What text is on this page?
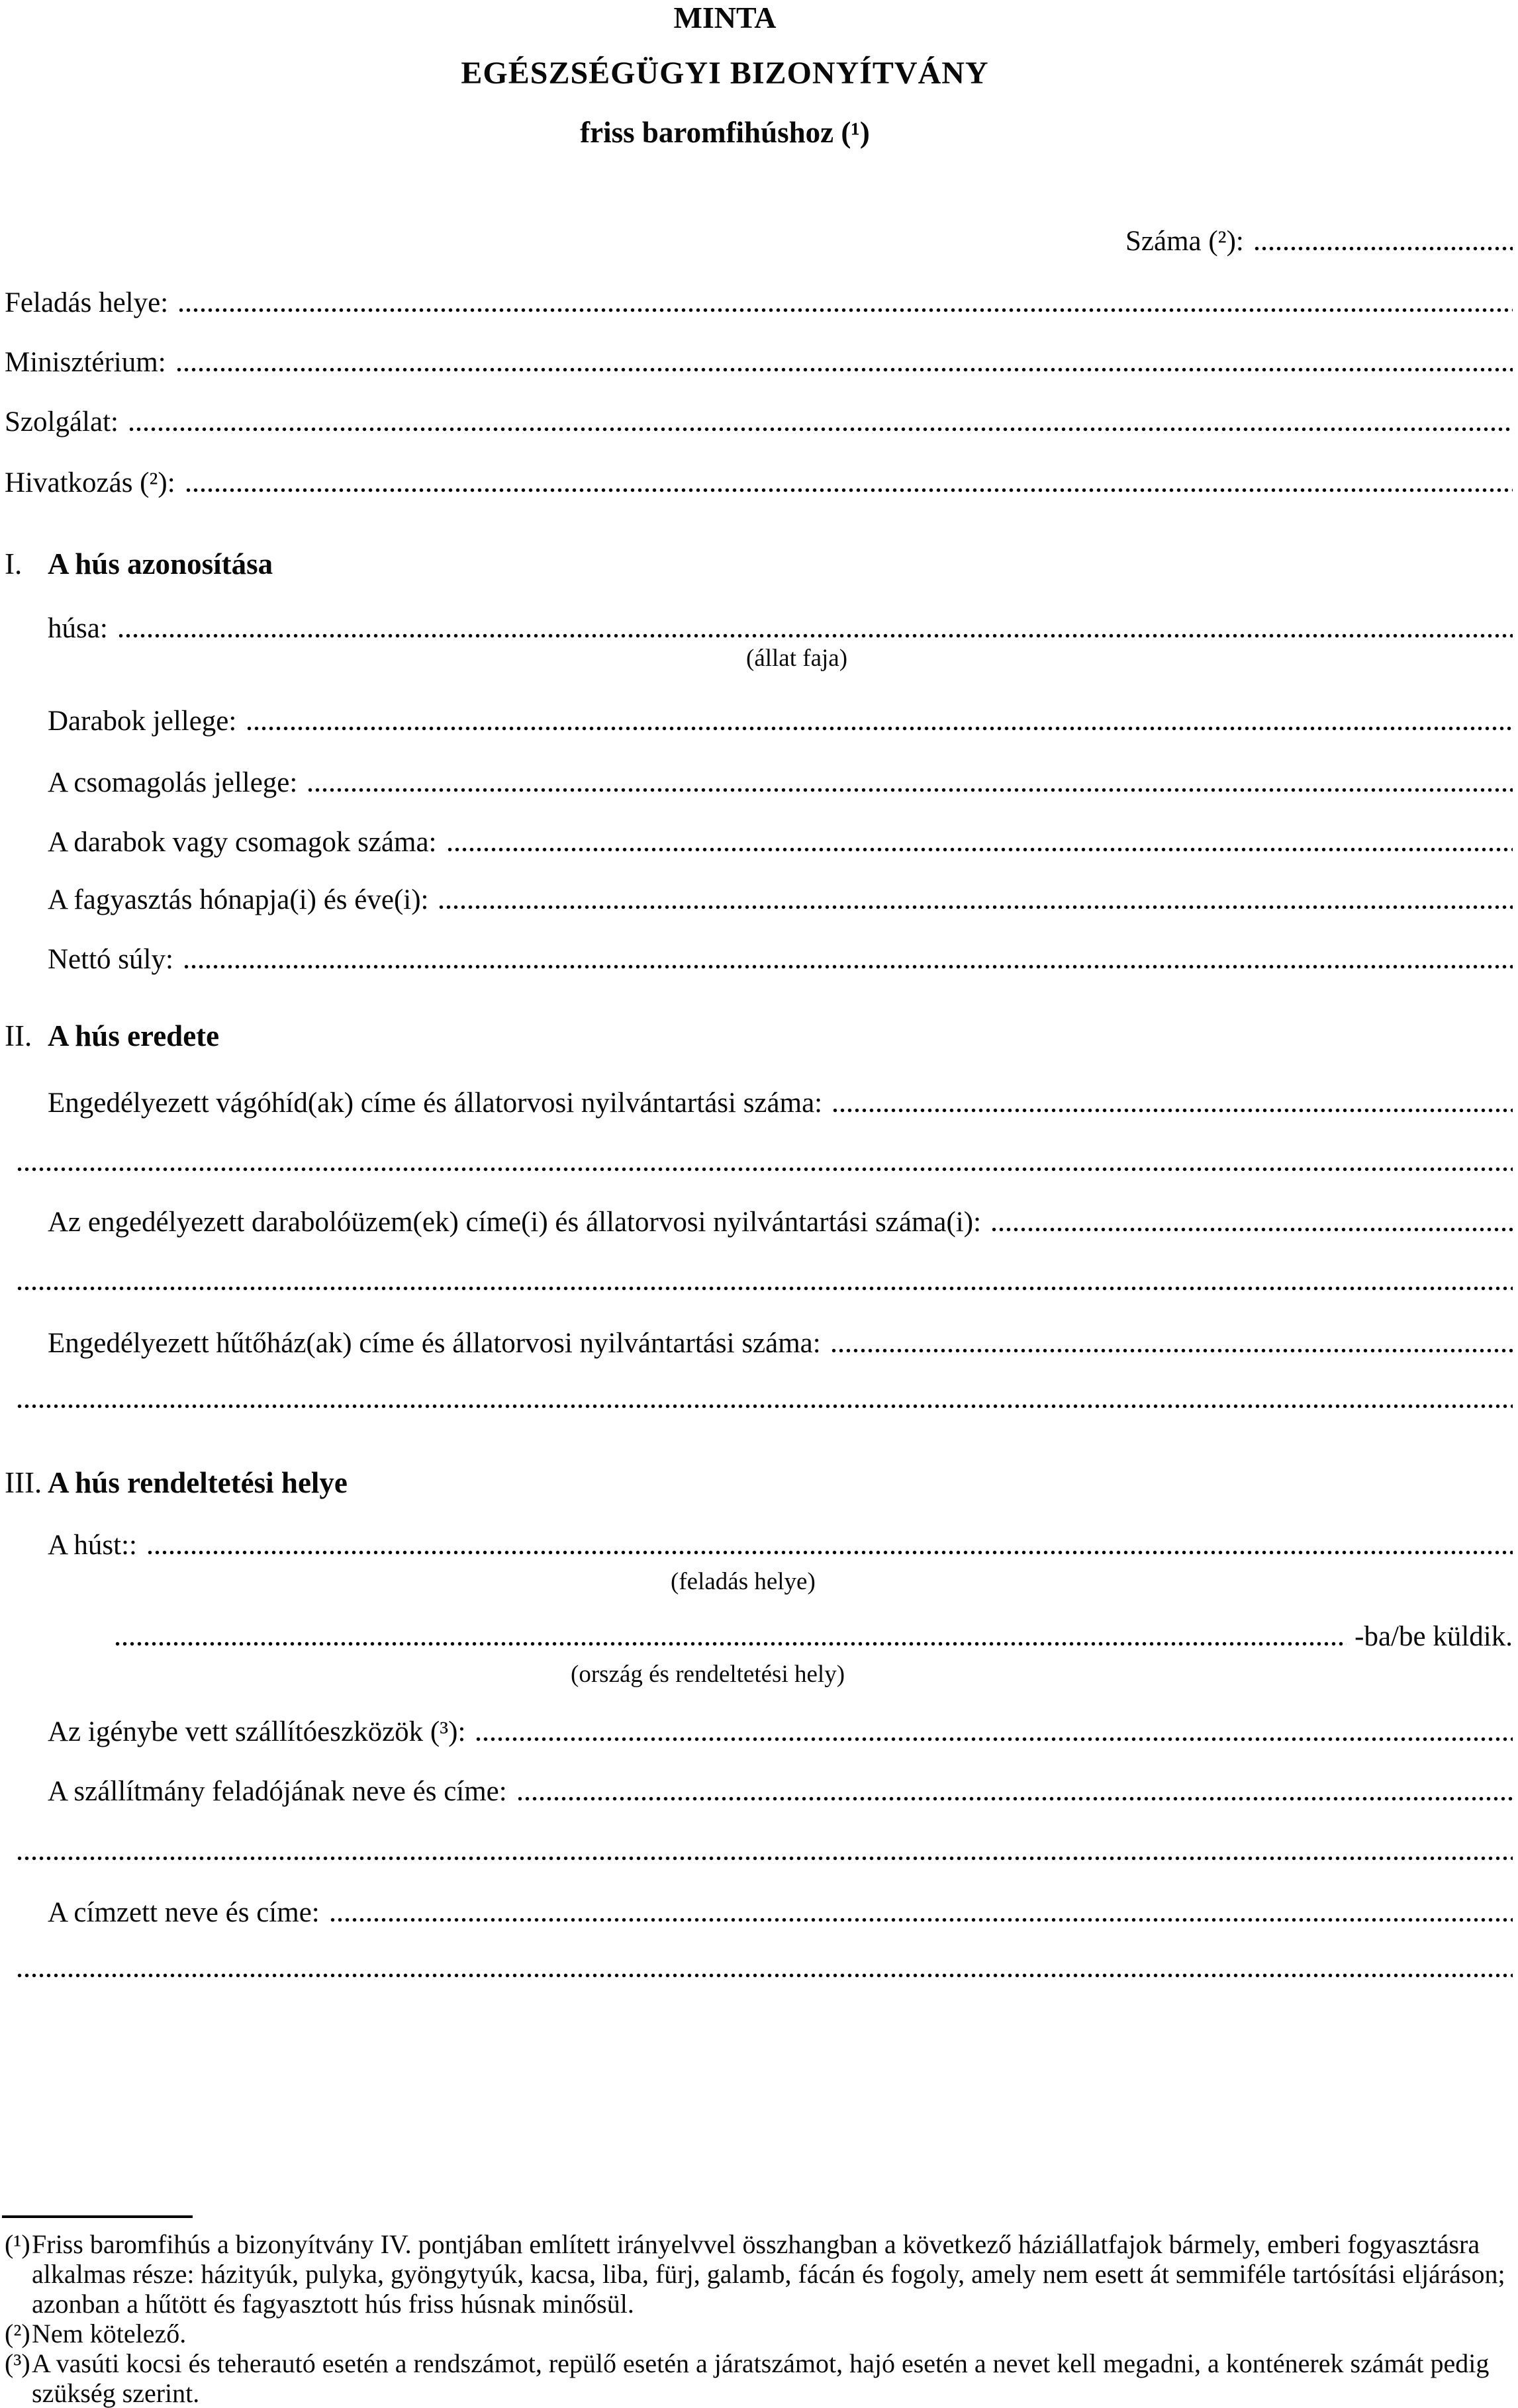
MINTA
EGÉSZSÉGÜGYI BIZONYÍTVÁNY
friss baromfihúshoz (¹)
Száma (²):
Feladás helye:
Minisztérium:
Szolgálat:
Hivatkozás (²):
I. A hús azonosítása
húsa:
(állat faja)
Darabok jellege:
A csomagolás jellege:
A darabok vagy csomagok száma:
A fagyasztás hónapja(i) és éve(i):
Nettó súly:
II. A hús eredete
Engedélyezett vágóhíd(ak) címe és állatorvosi nyilvántartási száma:
Az engedélyezett darabolóüzem(ek) címe(i) és állatorvosi nyilvántartási száma(i):
Engedélyezett hűtőház(ak) címe és állatorvosi nyilvántartási száma:
III. A hús rendeltetési helye
A húst::
(feladás helye)
-ba/be küldik.
(ország és rendeltetési hely)
Az igénybe vett szállítóeszközök (³):
A szállítmány feladójának neve és címe:
A címzett neve és címe:
(¹) Friss baromfihús a bizonyítvány IV. pontjában említett irányelvvel összhangban a következő háziállatfajok bármely, emberi fogyasztásra alkalmas része: házityúk, pulyka, gyöngytyúk, kacsa, liba, fürj, galamb, fácán és fogoly, amely nem esett át semmiféle tartósítási eljáráson; azonban a hűtött és fagyasztott hús friss húsnak minősül.
(²) Nem kötelező.
(³) A vasúti kocsi és teherautó esetén a rendszámot, repülő esetén a járatszámot, hajó esetén a nevet kell megadni, a konténerek számát pedig szükség szerint.
